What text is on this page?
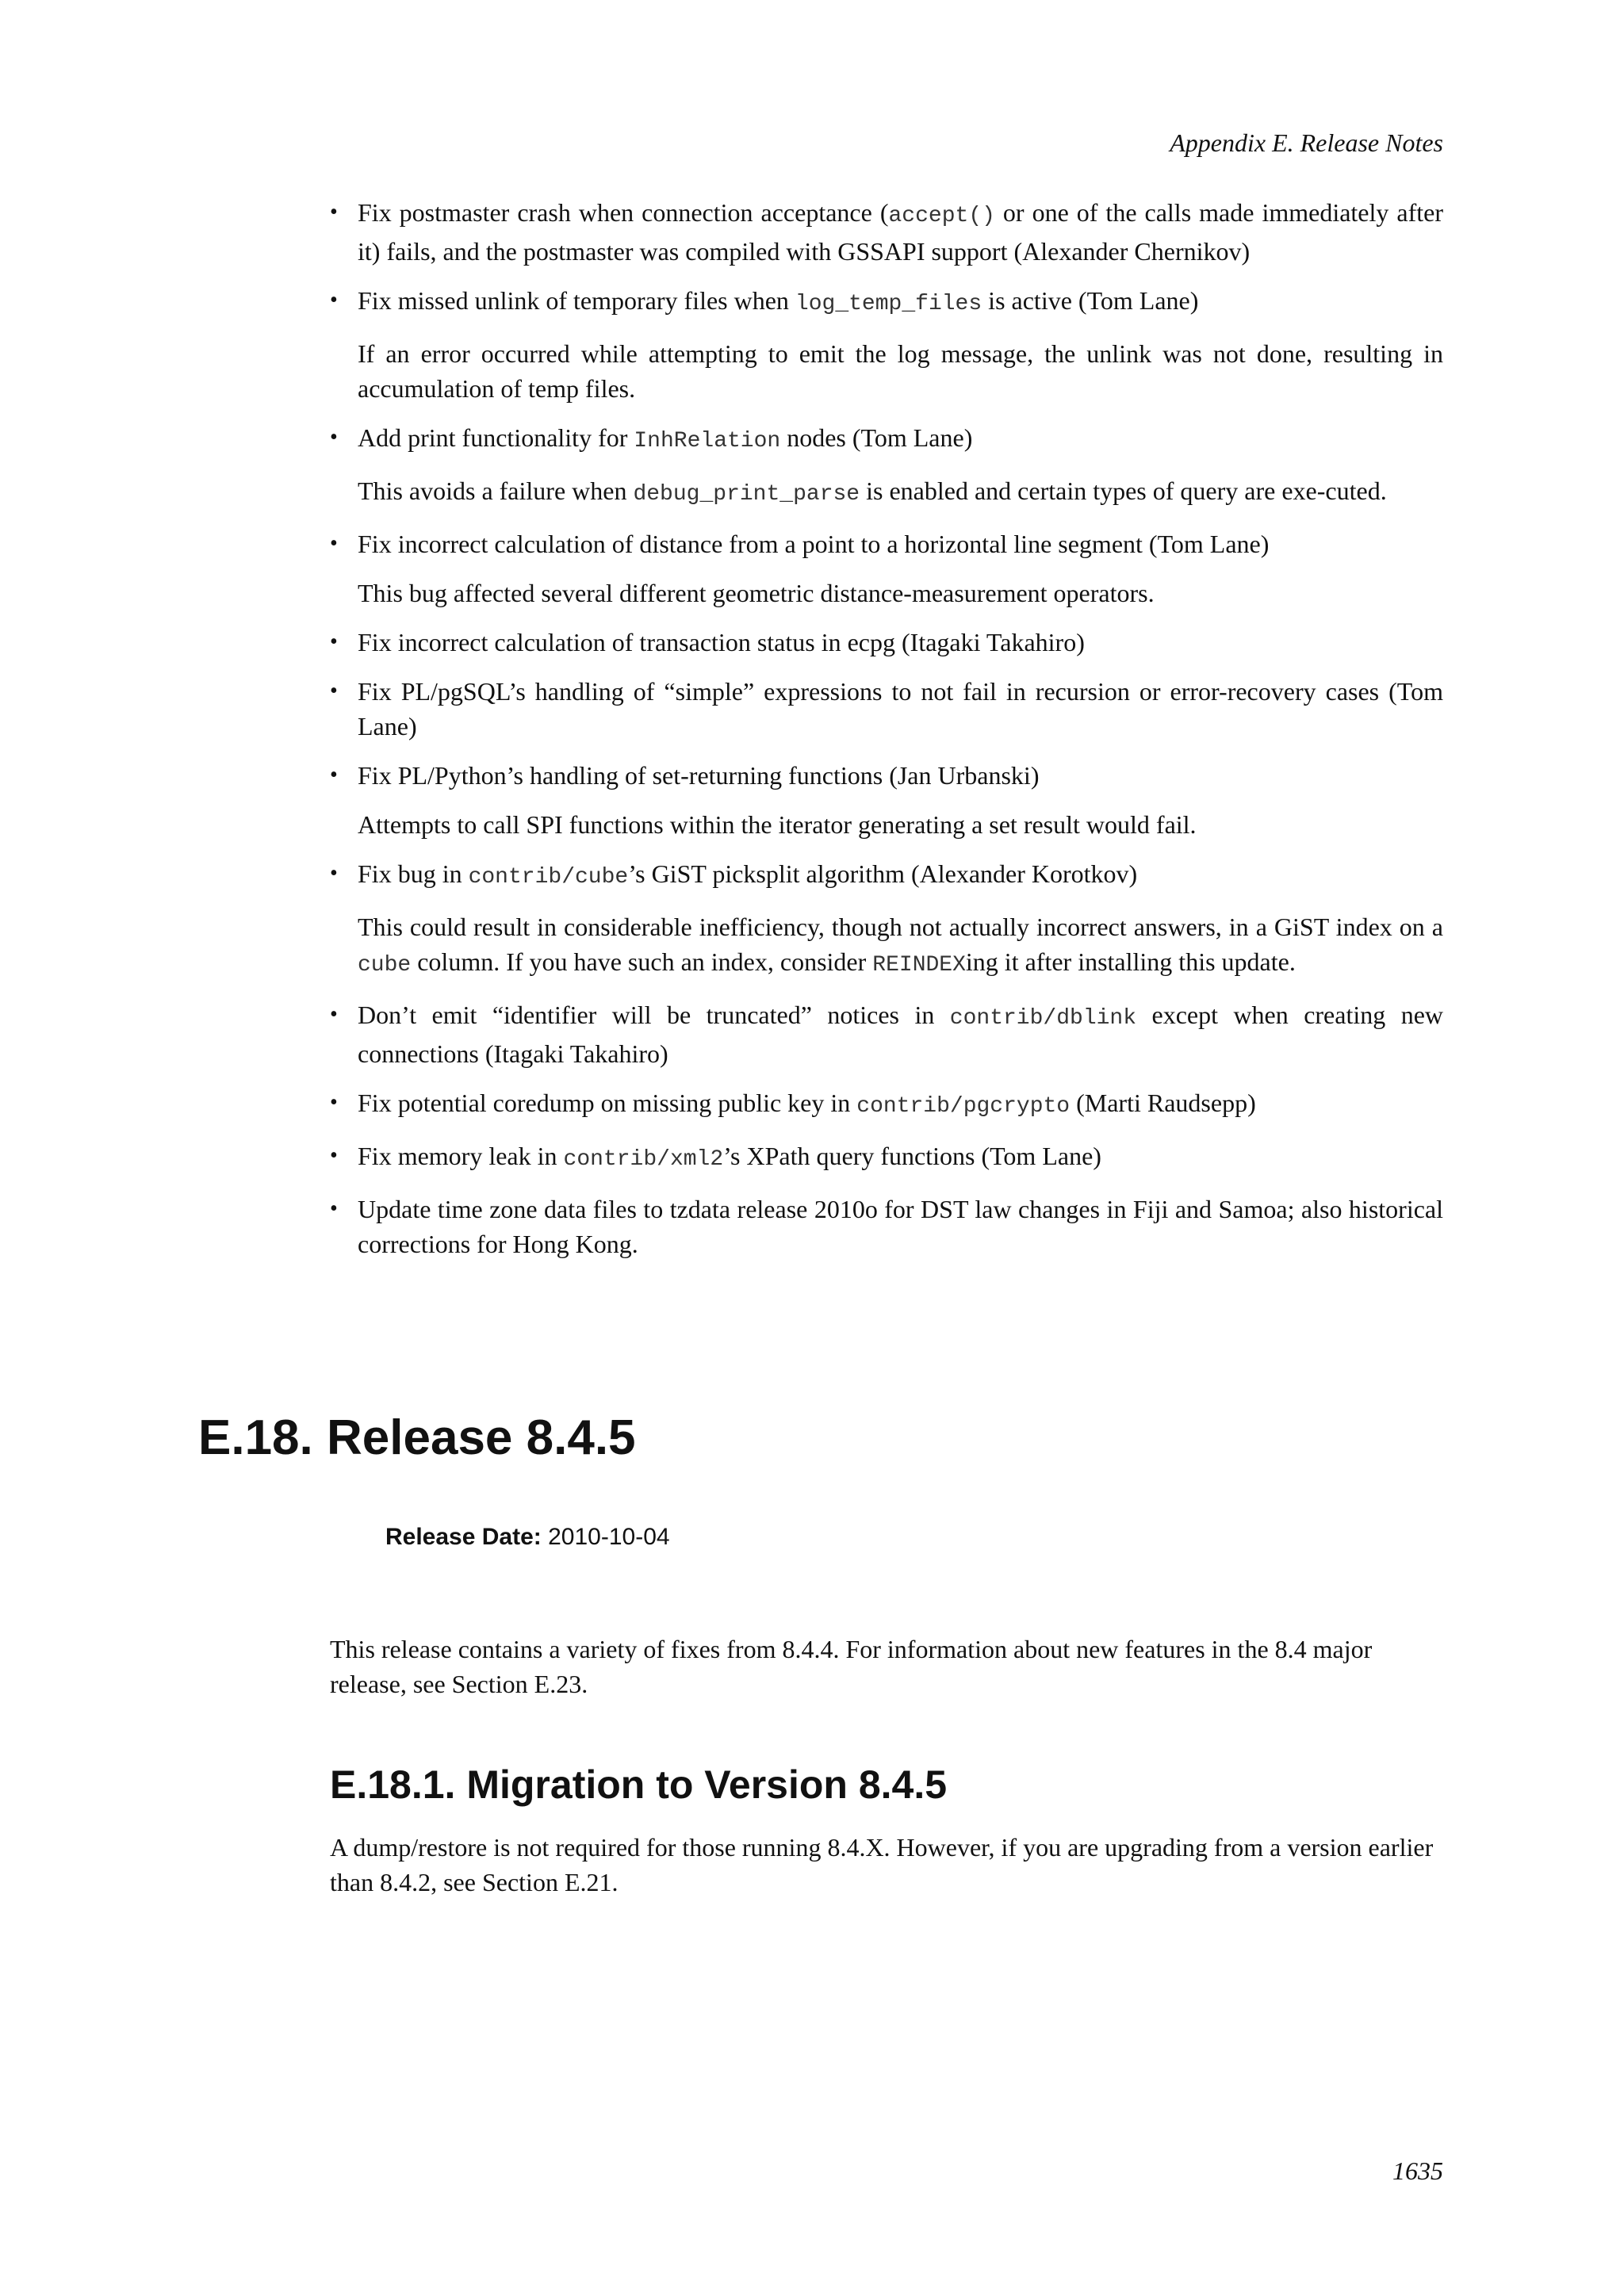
Appendix E. Release Notes
• Fix postmaster crash when connection acceptance (accept() or one of the calls made immediately after it) fails, and the postmaster was compiled with GSSAPI support (Alexander Chernikov)

• Fix missed unlink of temporary files when log_temp_files is active (Tom Lane)

If an error occurred while attempting to emit the log message, the unlink was not done, resulting in accumulation of temp files.

• Add print functionality for InhRelation nodes (Tom Lane)

This avoids a failure when debug_print_parse is enabled and certain types of query are exe-cuted.

• Fix incorrect calculation of distance from a point to a horizontal line segment (Tom Lane)

This bug affected several different geometric distance-measurement operators.

• Fix incorrect calculation of transaction status in ecpg (Itagaki Takahiro)

• Fix PL/pgSQL’s handling of “simple” expressions to not fail in recursion or error-recovery cases (Tom Lane)

• Fix PL/Python’s handling of set-returning functions (Jan Urbanski)

Attempts to call SPI functions within the iterator generating a set result would fail.

• Fix bug in contrib/cube’s GiST picksplit algorithm (Alexander Korotkov)

This could result in considerable inefficiency, though not actually incorrect answers, in a GiST index on a cube column. If you have such an index, consider REINDEXing it after installing this update.

• Don’t emit “identifier will be truncated” notices in contrib/dblink except when creating new connections (Itagaki Takahiro)

• Fix potential coredump on missing public key in contrib/pgcrypto (Marti Raudsepp)

• Fix memory leak in contrib/xml2’s XPath query functions (Tom Lane)

• Update time zone data files to tzdata release 2010o for DST law changes in Fiji and Samoa; also historical corrections for Hong Kong.

E.18. Release 8.4.5
Release Date: 2010-10-04

This release contains a variety of fixes from 8.4.4. For information about new features in the 8.4 major release, see Section E.23.

E.18.1. Migration to Version 8.4.5

A dump/restore is not required for those running 8.4.X. However, if you are upgrading from a version earlier than 8.4.2, see Section E.21.

1635
